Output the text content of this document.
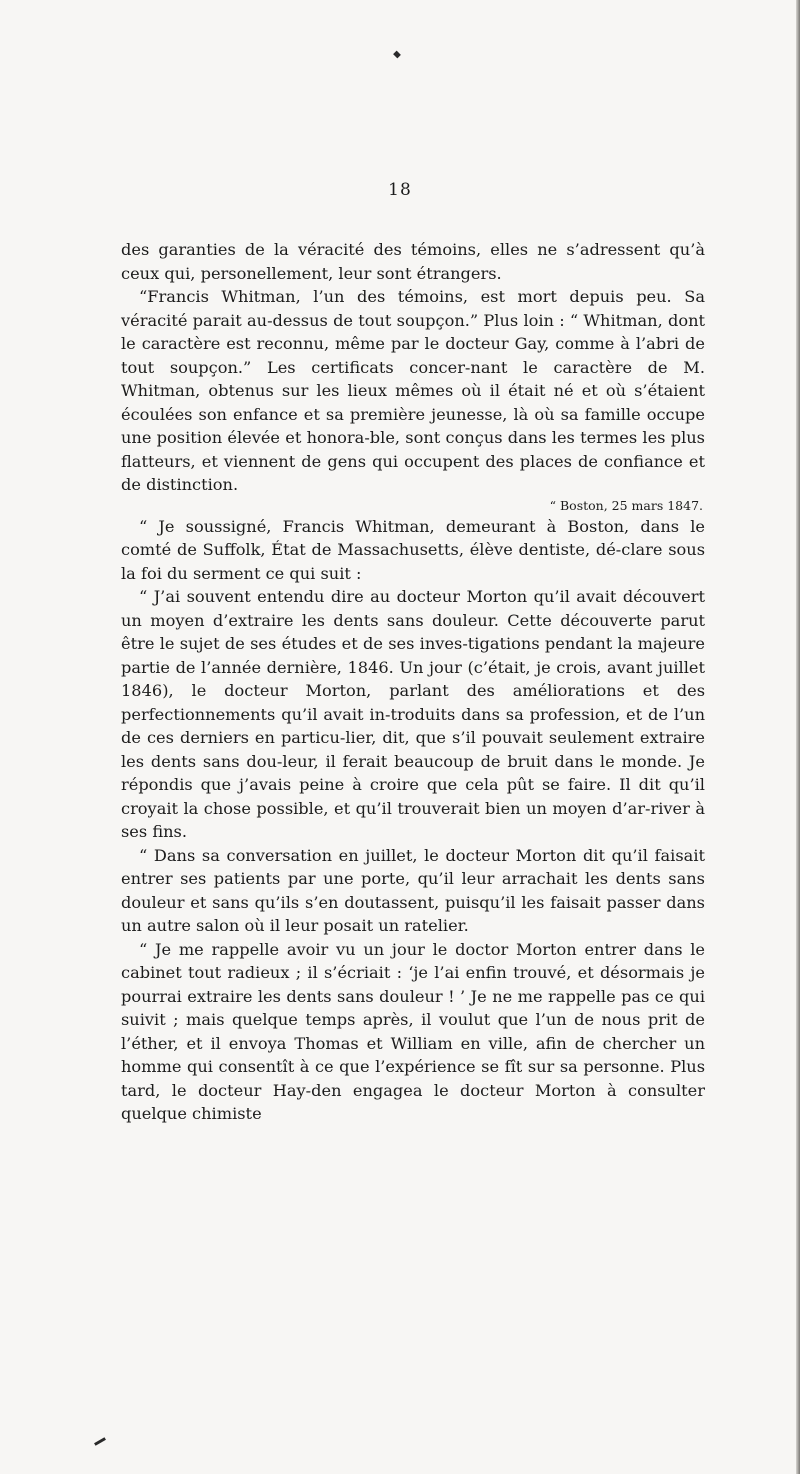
18

des garanties de la véracité des témoins, elles ne s’adressent qu’à ceux qui, personellement, leur sont étrangers.

“Francis Whitman, l’un des témoins, est mort depuis peu. Sa véracité parait au-dessus de tout soupçon.” Plus loin : “ Whitman, dont le caractère est reconnu, même par le docteur Gay, comme à l’abri de tout soupçon.” Les certificats concer-nant le caractère de M. Whitman, obtenus sur les lieux mêmes où il était né et où s’étaient écoulées son enfance et sa première jeunesse, là où sa famille occupe une position élevée et honora-ble, sont conçus dans les termes les plus flatteurs, et viennent de gens qui occupent des places de confiance et de distinction.

“ Boston, 25 mars 1847.

“ Je soussigné, Francis Whitman, demeurant à Boston, dans le comté de Suffolk, État de Massachusetts, élève dentiste, dé-clare sous la foi du serment ce qui suit :

“ J’ai souvent entendu dire au docteur Morton qu’il avait découvert un moyen d’extraire les dents sans douleur. Cette découverte parut être le sujet de ses études et de ses inves-tigations pendant la majeure partie de l’année dernière, 1846. Un jour (c’était, je crois, avant juillet 1846), le docteur Morton, parlant des améliorations et des perfectionnements qu’il avait in-troduits dans sa profession, et de l’un de ces derniers en particu-lier, dit, que s’il pouvait seulement extraire les dents sans dou-leur, il ferait beaucoup de bruit dans le monde. Je répondis que j’avais peine à croire que cela pût se faire. Il dit qu’il croyait la chose possible, et qu’il trouverait bien un moyen d’ar-river à ses fins.

“ Dans sa conversation en juillet, le docteur Morton dit qu’il faisait entrer ses patients par une porte, qu’il leur arrachait les dents sans douleur et sans qu’ils s’en doutassent, puisqu’il les faisait passer dans un autre salon où il leur posait un ratelier.

“ Je me rappelle avoir vu un jour le doctor Morton entrer dans le cabinet tout radieux ; il s’écriait : ‘je l’ai enfin trouvé, et désormais je pourrai extraire les dents sans douleur ! ’ Je ne me rappelle pas ce qui suivit ; mais quelque temps après, il voulut que l’un de nous prit de l’éther, et il envoya Thomas et William en ville, afin de chercher un homme qui consentît à ce que l’expérience se fît sur sa personne. Plus tard, le docteur Hay-den engagea le docteur Morton à consulter quelque chimiste
